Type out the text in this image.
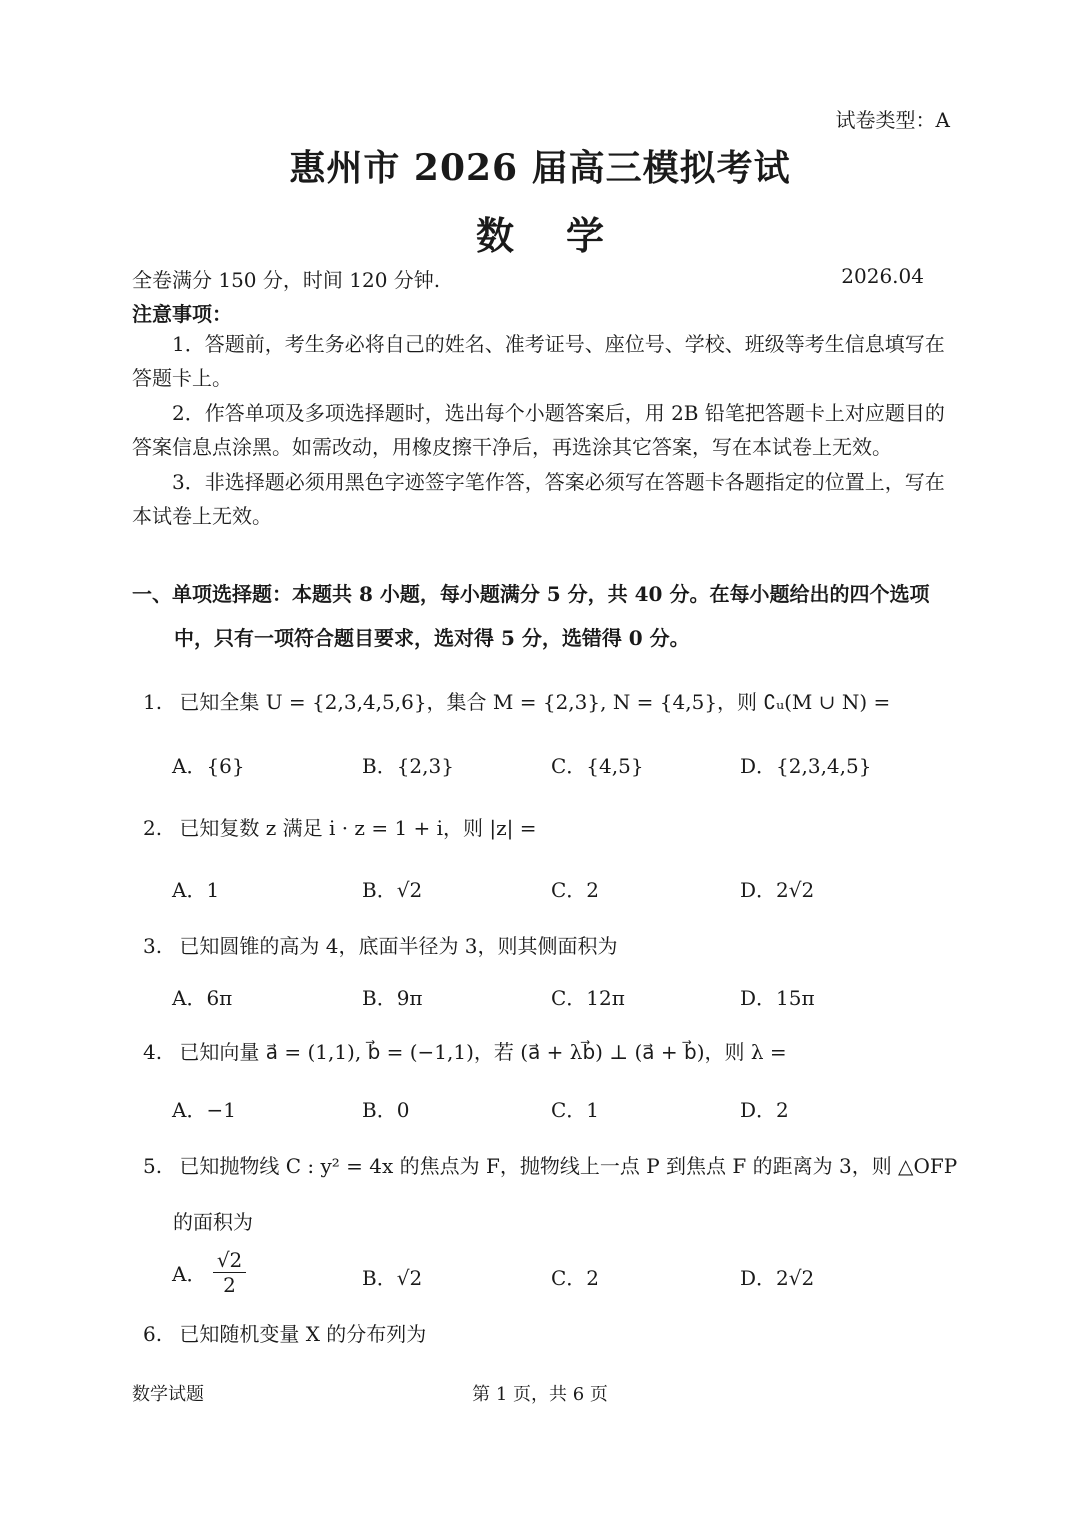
试卷类型：A
惠州市 2026 届高三模拟考试
数 学
全卷满分 150 分，时间 120 分钟.	2026.04
注意事项：
1．答题前，考生务必将自己的姓名、准考证号、座位号、学校、班级等考生信息填写在答题卡上。
2．作答单项及多项选择题时，选出每个小题答案后，用 2B 铅笔把答题卡上对应题目的答案信息点涂黑。如需改动，用橡皮擦干净后，再选涂其它答案，写在本试卷上无效。
3．非选择题必须用黑色字迹签字笔作答，答案必须写在答题卡各题指定的位置上，写在本试卷上无效。
一、单项选择题：本题共 8 小题，每小题满分 5 分，共 40 分。在每小题给出的四个选项中，只有一项符合题目要求，选对得 5 分，选错得 0 分。
1. 已知全集 U = {2,3,4,5,6}，集合 M = {2,3}, N = {4,5}，则 ∁ᵤ(M ∪ N) =
A．{6}	B．{2,3}	C．{4,5}	D．{2,3,4,5}
2. 已知复数 z 满足 i · z = 1 + i，则 |z| =
A．1	B．√2	C．2	D．2√2
3. 已知圆锥的高为 4，底面半径为 3，则其侧面积为
A．6π	B．9π	C．12π	D．15π
4. 已知向量 a⃗ = (1,1), b⃗ = (−1,1)，若 (a⃗ + λb⃗) ⊥ (a⃗ + b⃗)，则 λ =
A．−1	B．0	C．1	D．2
5. 已知抛物线 C : y² = 4x 的焦点为 F，抛物线上一点 P 到焦点 F 的距离为 3，则 △OFP
的面积为
A． $\frac{√2}{2}$	B．√2	C．2	D．2√2
6. 已知随机变量 X 的分布列为
数学试题	第 1 页，共 6 页
